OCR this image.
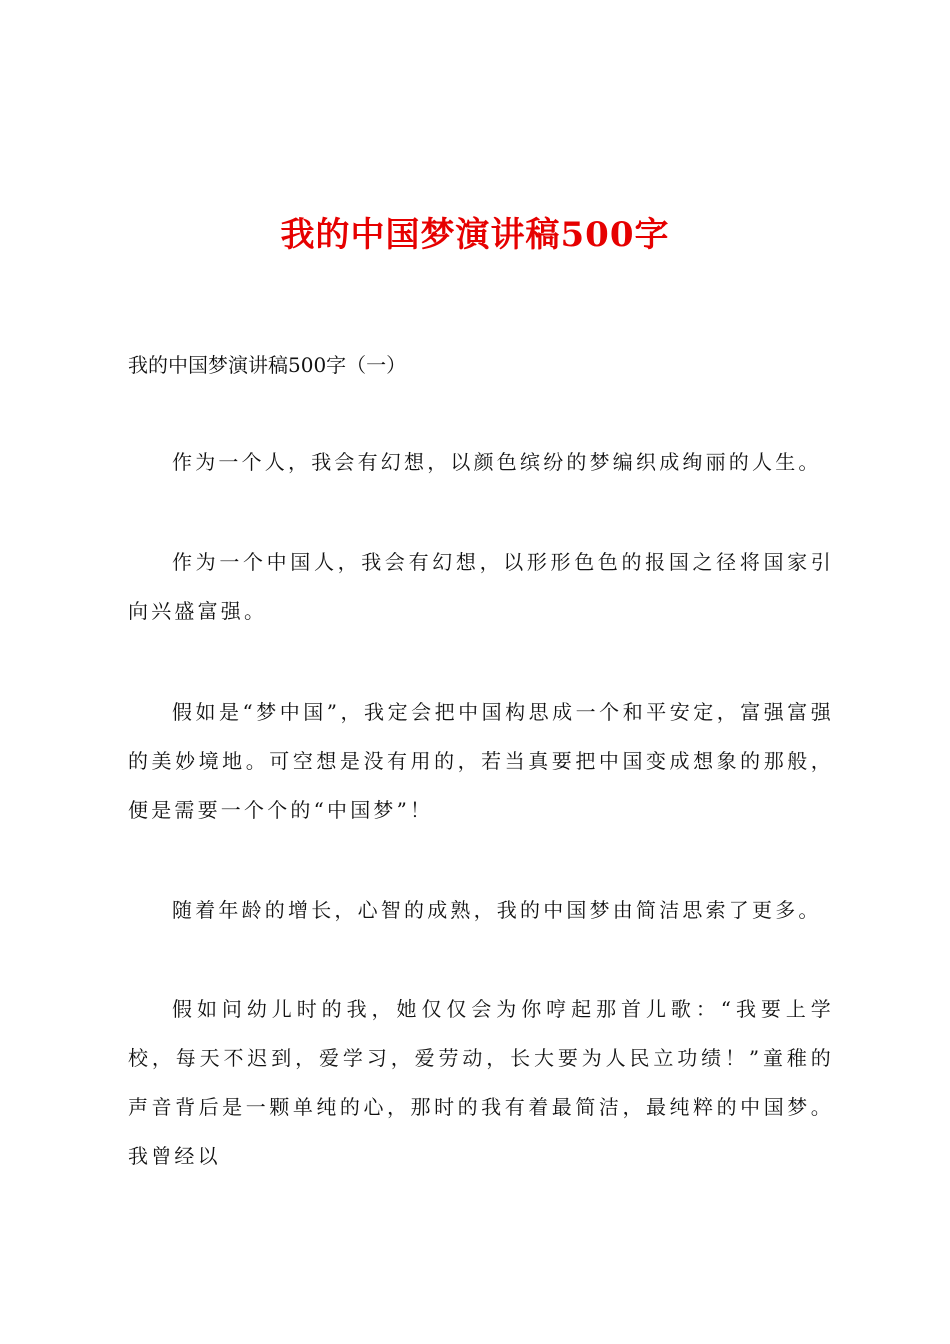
我的中国梦演讲稿500字

我的中国梦演讲稿500字（一）

作为一个人，我会有幻想，以颜色缤纷的梦编织成绚丽的人生。

作为一个中国人，我会有幻想，以形形色色的报国之径将国家引向兴盛富强。

假如是“梦中国”，我定会把中国构思成一个和平安定，富强富强的美妙境地。可空想是没有用的，若当真要把中国变成想象的那般，便是需要一个个的“中国梦”！

随着年龄的增长，心智的成熟，我的中国梦由简洁思索了更多。

假如问幼儿时的我，她仅仅会为你哼起那首儿歌：“我要上学校，每天不迟到，爱学习，爱劳动，长大要为人民立功绩！”童稚的声音背后是一颗单纯的心，那时的我有着最简洁，最纯粹的中国梦。我曾经以
